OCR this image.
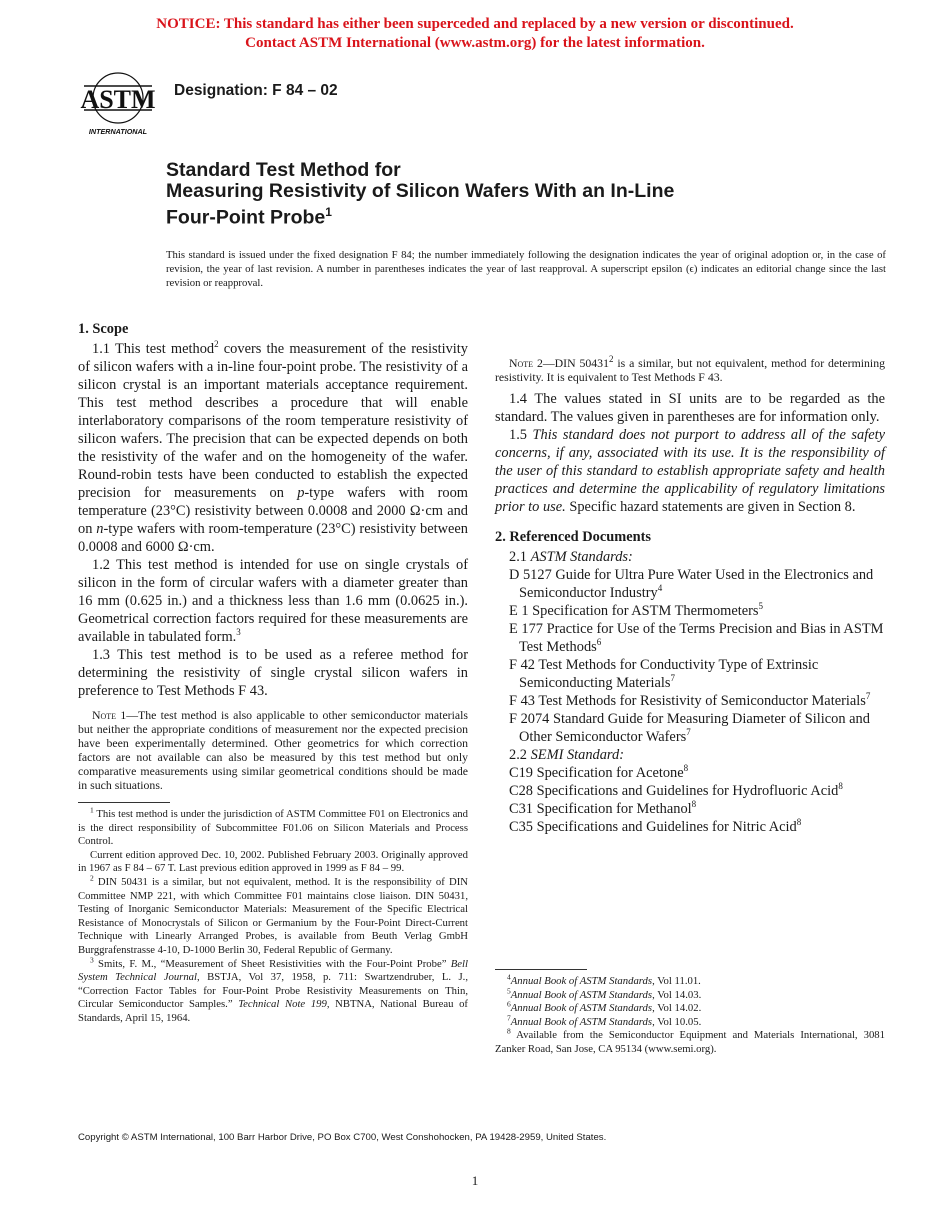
NOTICE: This standard has either been superceded and replaced by a new version or discontinued.
Contact ASTM International (www.astm.org) for the latest information.
ASTM
INTERNATIONAL
Designation: F 84 – 02
Standard Test Method for
Measuring Resistivity of Silicon Wafers With an In-Line
Four-Point Probe$^1$
This standard is issued under the fixed designation F 84; the number immediately following the designation indicates the year of original adoption or, in the case of revision, the year of last revision. A number in parentheses indicates the year of last reapproval. A superscript epsilon (ϵ) indicates an editorial change since the last revision or reapproval.
1. Scope

1.1 This test method$^2$ covers the measurement of the resistivity of silicon wafers with a in-line four-point probe. The resistivity of a silicon crystal is an important materials acceptance requirement. This test method describes a procedure that will enable interlaboratory comparisons of the room temperature resistivity of silicon wafers. The precision that can be expected depends on both the resistivity of the wafer and on the homogeneity of the wafer. Round-robin tests have been conducted to establish the expected precision for measurements on p-type wafers with room temperature (23°C) resistivity between 0.0008 and 2000 Ω·cm and on n-type wafers with room-temperature (23°C) resistivity between 0.0008 and 6000 Ω·cm.

1.2 This test method is intended for use on single crystals of silicon in the form of circular wafers with a diameter greater than 16 mm (0.625 in.) and a thickness less than 1.6 mm (0.0625 in.). Geometrical correction factors required for these measurements are available in tabulated form.$^3$

1.3 This test method is to be used as a referee method for determining the resistivity of single crystal silicon wafers in preference to Test Methods F 43.

Note 1—The test method is also applicable to other semiconductor materials but neither the appropriate conditions of measurement nor the expected precision have been experimentally determined. Other geometrics for which correction factors are not available can also be measured by this test method but only comparative measurements using similar geometrical conditions should be made in such situations.

Note 2—DIN 50431$^2$ is a similar, but not equivalent, method for determining resistivity. It is equivalent to Test Methods F 43.

1.4 The values stated in SI units are to be regarded as the standard. The values given in parentheses are for information only.

1.5 This standard does not purport to address all of the safety concerns, if any, associated with its use. It is the responsibility of the user of this standard to establish appropriate safety and health practices and determine the applicability of regulatory limitations prior to use. Specific hazard statements are given in Section 8.

2. Referenced Documents

2.1 ASTM Standards:

D 5127 Guide for Ultra Pure Water Used in the Electronics and Semiconductor Industry$^4$

E 1 Specification for ASTM Thermometers$^5$

E 177 Practice for Use of the Terms Precision and Bias in ASTM Test Methods$^6$

F 42 Test Methods for Conductivity Type of Extrinsic Semiconducting Materials$^7$

F 43 Test Methods for Resistivity of Semiconductor Materials$^7$

F 2074 Standard Guide for Measuring Diameter of Silicon and Other Semiconductor Wafers$^7$

2.2 SEMI Standard:

C19 Specification for Acetone$^8$

C28 Specifications and Guidelines for Hydrofluoric Acid$^8$

C31 Specification for Methanol$^8$

C35 Specifications and Guidelines for Nitric Acid$^8$

$^1$ This test method is under the jurisdiction of ASTM Committee F01 on Electronics and is the direct responsibility of Subcommittee F01.06 on Silicon Materials and Process Control.

Current edition approved Dec. 10, 2002. Published February 2003. Originally approved in 1967 as F 84 – 67 T. Last previous edition approved in 1999 as F 84 – 99.

$^2$ DIN 50431 is a similar, but not equivalent, method. It is the responsibility of DIN Committee NMP 221, with which Committee F01 maintains close liaison. DIN 50431, Testing of Inorganic Semiconductor Materials: Measurement of the Specific Electrical Resistance of Monocrystals of Silicon or Germanium by the Four-Point Direct-Current Technique with Linearly Arranged Probes, is available from Beuth Verlag GmbH Burggrafenstrasse 4-10, D-1000 Berlin 30, Federal Republic of Germany.

$^3$ Smits, F. M., “Measurement of Sheet Resistivities with the Four-Point Probe” Bell System Technical Journal, BSTJA, Vol 37, 1958, p. 711: Swartzendruber, L. J., “Correction Factor Tables for Four-Point Probe Resistivity Measurements on Thin, Circular Semiconductor Samples.” Technical Note 199, NBTNA, National Bureau of Standards, April 15, 1964.

$^4$Annual Book of ASTM Standards, Vol 11.01.

$^5$Annual Book of ASTM Standards, Vol 14.03.

$^6$Annual Book of ASTM Standards, Vol 14.02.

$^7$Annual Book of ASTM Standards, Vol 10.05.

$^8$ Available from the Semiconductor Equipment and Materials International, 3081 Zanker Road, San Jose, CA 95134 (www.semi.org).

Copyright © ASTM International, 100 Barr Harbor Drive, PO Box C700, West Conshohocken, PA 19428-2959, United States.
1
